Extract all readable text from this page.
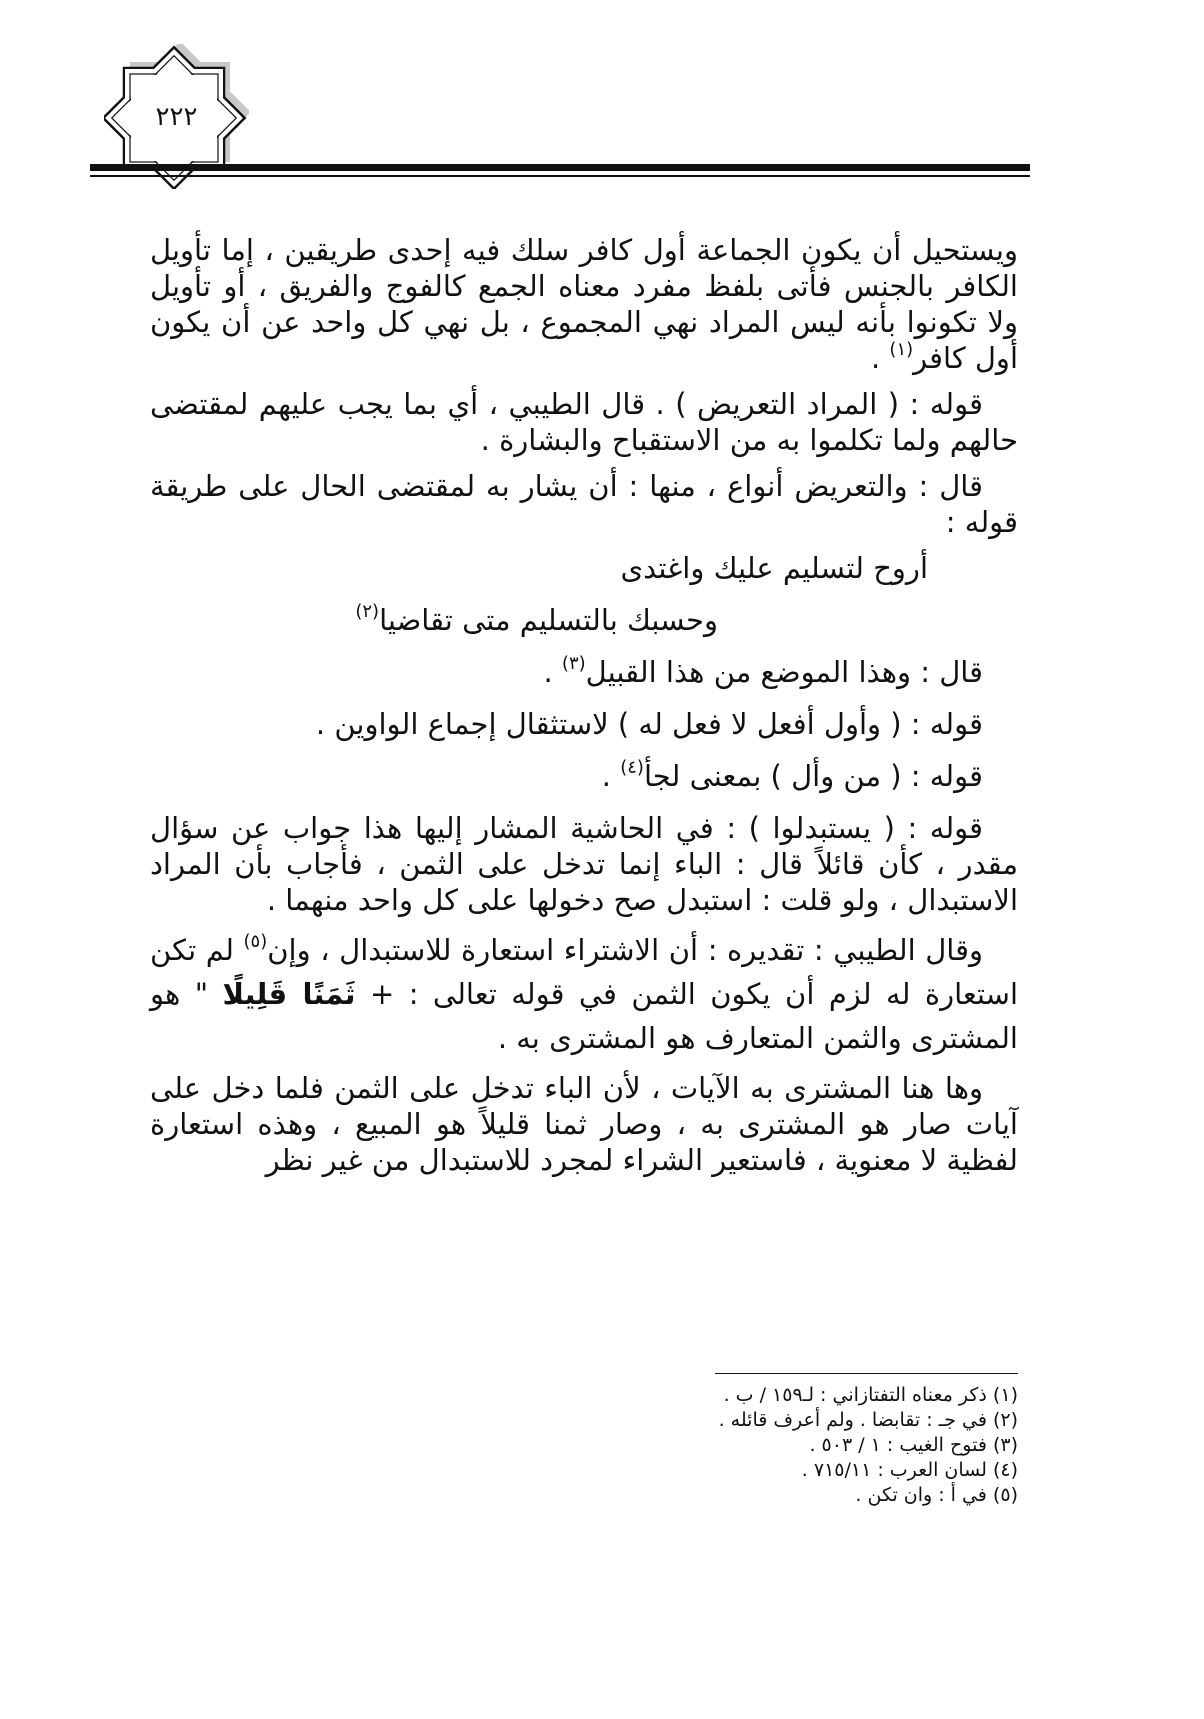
٢٢٢

ويستحيل أن يكون الجماعة أول كافر سلك فيه إحدى طريقين ، إما تأويل الكافر بالجنس فأتى بلفظ مفرد معناه الجمع كالفوج والفريق ، أو تأويل ولا تكونوا بأنه ليس المراد نهي المجموع ، بل نهي كل واحد عن أن يكون أول كافر$^{(١)}$ .

قوله : ( المراد التعريض ) . قال الطيبي ، أي بما يجب عليهم لمقتضى حالهم ولما تكلموا به من الاستقباح والبشارة .

قال : والتعريض أنواع ، منها : أن يشار به لمقتضى الحال على طريقة قوله :

أروح لتسليم عليك واغتدى

وحسبك بالتسليم متى تقاضيا$^{(٢)}$

قال : وهذا الموضع من هذا القبيل$^{(٣)}$ .

قوله : ( وأول أفعل لا فعل له ) لاستثقال إجماع الواوين .

قوله : ( من وأل ) بمعنى لجأ$^{(٤)}$ .

قوله : ( يستبدلوا ) : في الحاشية المشار إليها هذا جواب عن سؤال مقدر ، كأن قائلاً قال : الباء إنما تدخل على الثمن ، فأجاب بأن المراد الاستبدال ، ولو قلت : استبدل صح دخولها على كل واحد منهما .

وقال الطيبي : تقديره : أن الاشتراء استعارة للاستبدال ، وإن$^{(٥)}$ لم تكن استعارة له لزم أن يكون الثمن في قوله تعالى : + ثَمَنًا قَلِيلًا " هو المشترى والثمن المتعارف هو المشترى به .

وها هنا المشترى به الآيات ، لأن الباء تدخل على الثمن فلما دخل على آيات صار هو المشترى به ، وصار ثمنا قليلاً هو المبيع ، وهذه استعارة لفظية لا معنوية ، فاستعير الشراء لمجرد للاستبدال من غير نظر

(١) ذكر معناه التفتازاني : لـ١٥٩ / ب .

(٢) في جـ : تقابضا . ولم أعرف قائله .

(٣) فتوح الغيب : ١ / ٥٠٣ .

(٤) لسان العرب : ٧١٥/١١ .

(٥) في أ : وان تكن .
